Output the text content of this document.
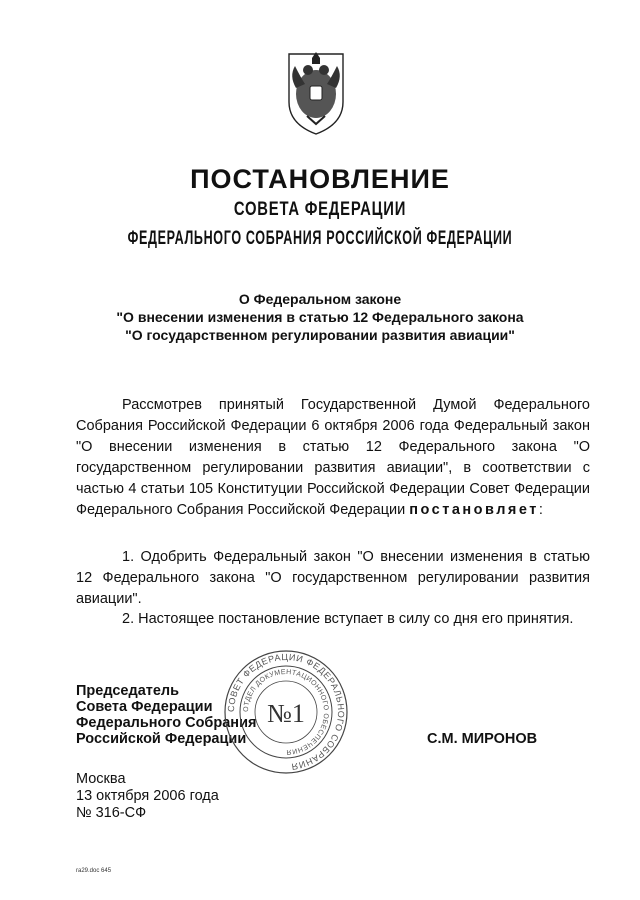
ПОСТАНОВЛЕНИЕ
СОВЕТА ФЕДЕРАЦИИ
ФЕДЕРАЛЬНОГО СОБРАНИЯ РОССИЙСКОЙ ФЕДЕРАЦИИ
О Федеральном законе
"О внесении изменения в статью 12 Федерального закона
"О государственном регулировании развития авиации"

Рассмотрев принятый Государственной Думой Федерального Собрания Российской Федерации 6 октября 2006 года Федеральный закон "О внесении изменения в статью 12 Федерального закона "О государственном регулировании развития авиации", в соответствии с частью 4 статьи 105 Конституции Российской Федерации Совет Федерации Федерального Собрания Российской Федерации постановляет:

1. Одобрить Федеральный закон "О внесении изменения в статью 12 Федерального закона "О государственном регулировании развития авиации".

2. Настоящее постановление вступает в силу со дня его принятия.

Председатель
Совета Федерации
Федерального Собрания
Российской Федерации
СОВЕТ ФЕДЕРАЦИИ ФЕДЕРАЛЬНОГО СОБРАНИЯ
ОТДЕЛ ДОКУМЕНТАЦИОННОГО ОБЕСПЕЧЕНИЯ
№1
С.М. МИРОНОВ
Москва
13 октября 2006 года
№ 316-СФ
ra29.doc 645
